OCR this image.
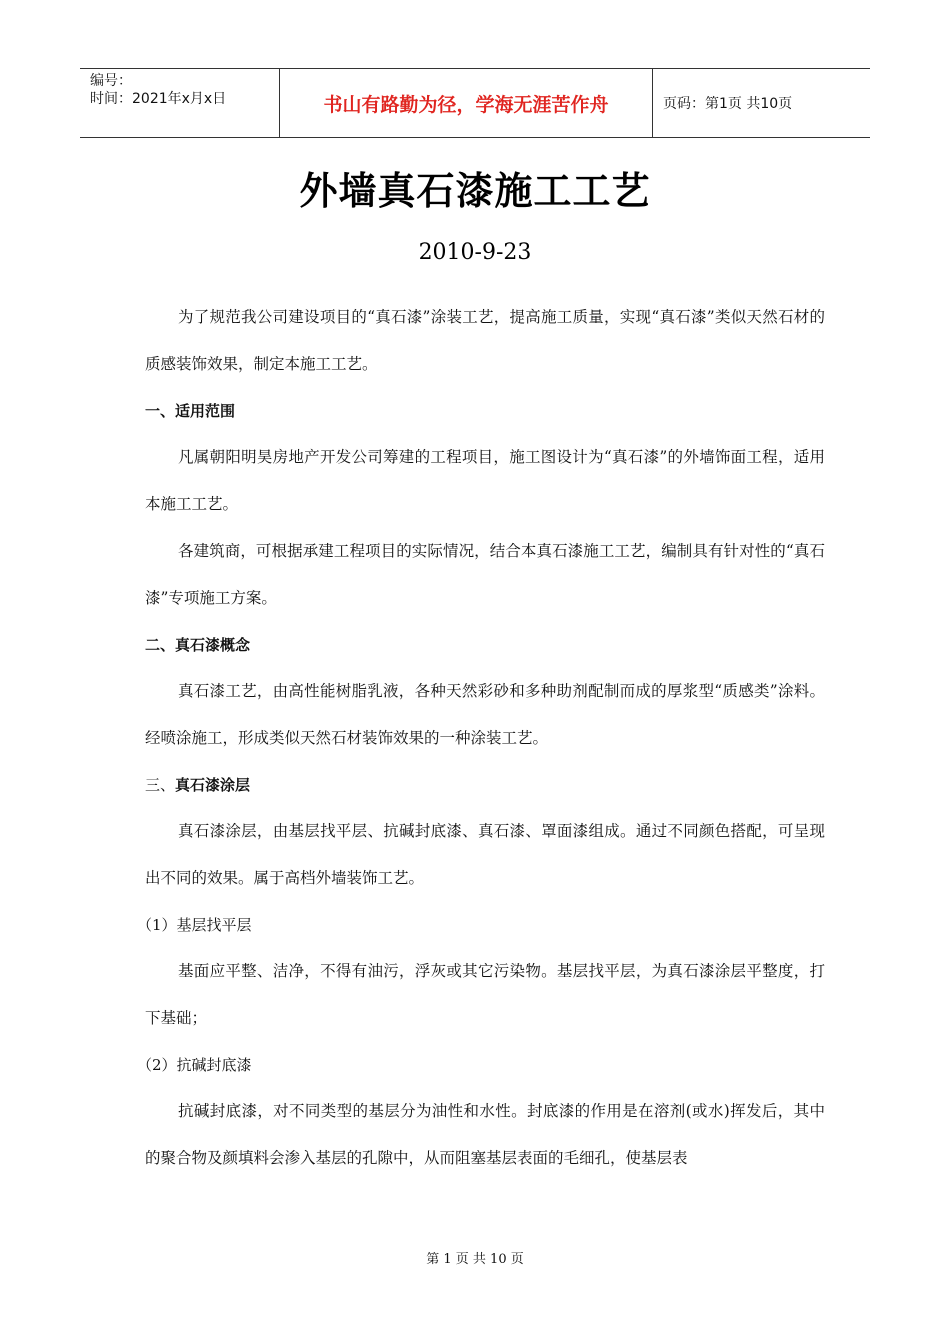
编号：
时间：2021年x月x日	书山有路勤为径，学海无涯苦作舟	页码：第1页 共10页
外墙真石漆施工工艺
2010-9-23

为了规范我公司建设项目的“真石漆”涂装工艺，提高施工质量，实现“真石漆”类似天然石材的质感装饰效果，制定本施工工艺。

一、适用范围

凡属朝阳明昊房地产开发公司筹建的工程项目，施工图设计为“真石漆”的外墙饰面工程，适用本施工工艺。

各建筑商，可根据承建工程项目的实际情况，结合本真石漆施工工艺，编制具有针对性的“真石漆”专项施工方案。

二、真石漆概念

真石漆工艺，由高性能树脂乳液，各种天然彩砂和多种助剂配制而成的厚浆型“质感类”涂料。经喷涂施工，形成类似天然石材装饰效果的一种涂装工艺。

三、真石漆涂层

真石漆涂层，由基层找平层、抗碱封底漆、真石漆、罩面漆组成。通过不同颜色搭配，可呈现出不同的效果。属于高档外墙装饰工艺。

（1）基层找平层

基面应平整、洁净，不得有油污，浮灰或其它污染物。基层找平层，为真石漆涂层平整度，打下基础；

（2）抗碱封底漆

抗碱封底漆，对不同类型的基层分为油性和水性。封底漆的作用是在溶剂(或水)挥发后，其中的聚合物及颜填料会渗入基层的孔隙中，从而阻塞基层表面的毛细孔，使基层表

第 1 页 共 10 页
